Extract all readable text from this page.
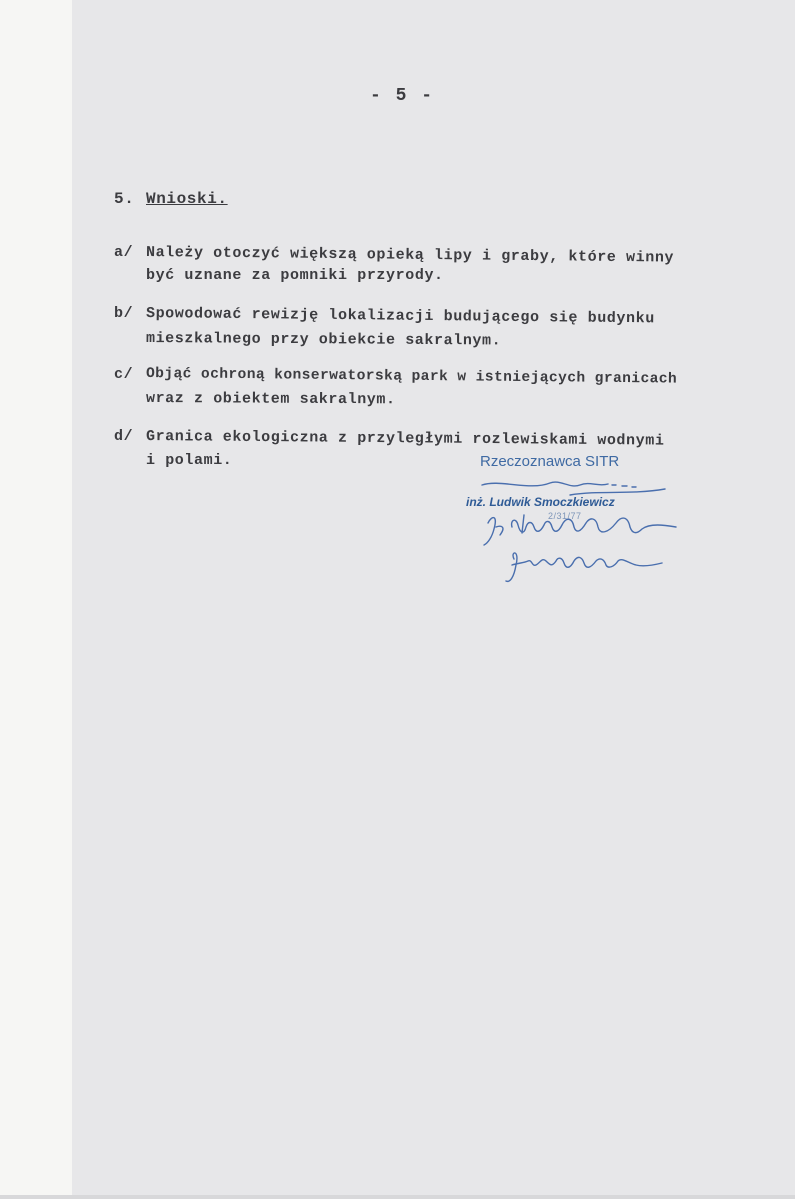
- 5 -
5. Wnioski.
a/ Należy otoczyć większą opieką lipy i graby, które winny
być uznane za pomniki przyrody.
b/ Spowodować rewizję lokalizacji budującego się budynku
mieszkalnego przy obiekcie sakralnym.
c/ Objąć ochroną konserwatorską park w istniejących granicach
wraz z obiektem sakralnym.
d/ Granica ekologiczna z przyległymi rozlewiskami wodnymi
i polami.	Rzeczoznawca SITR
inż. Ludwik Smoczkiewicz
2/31/77
